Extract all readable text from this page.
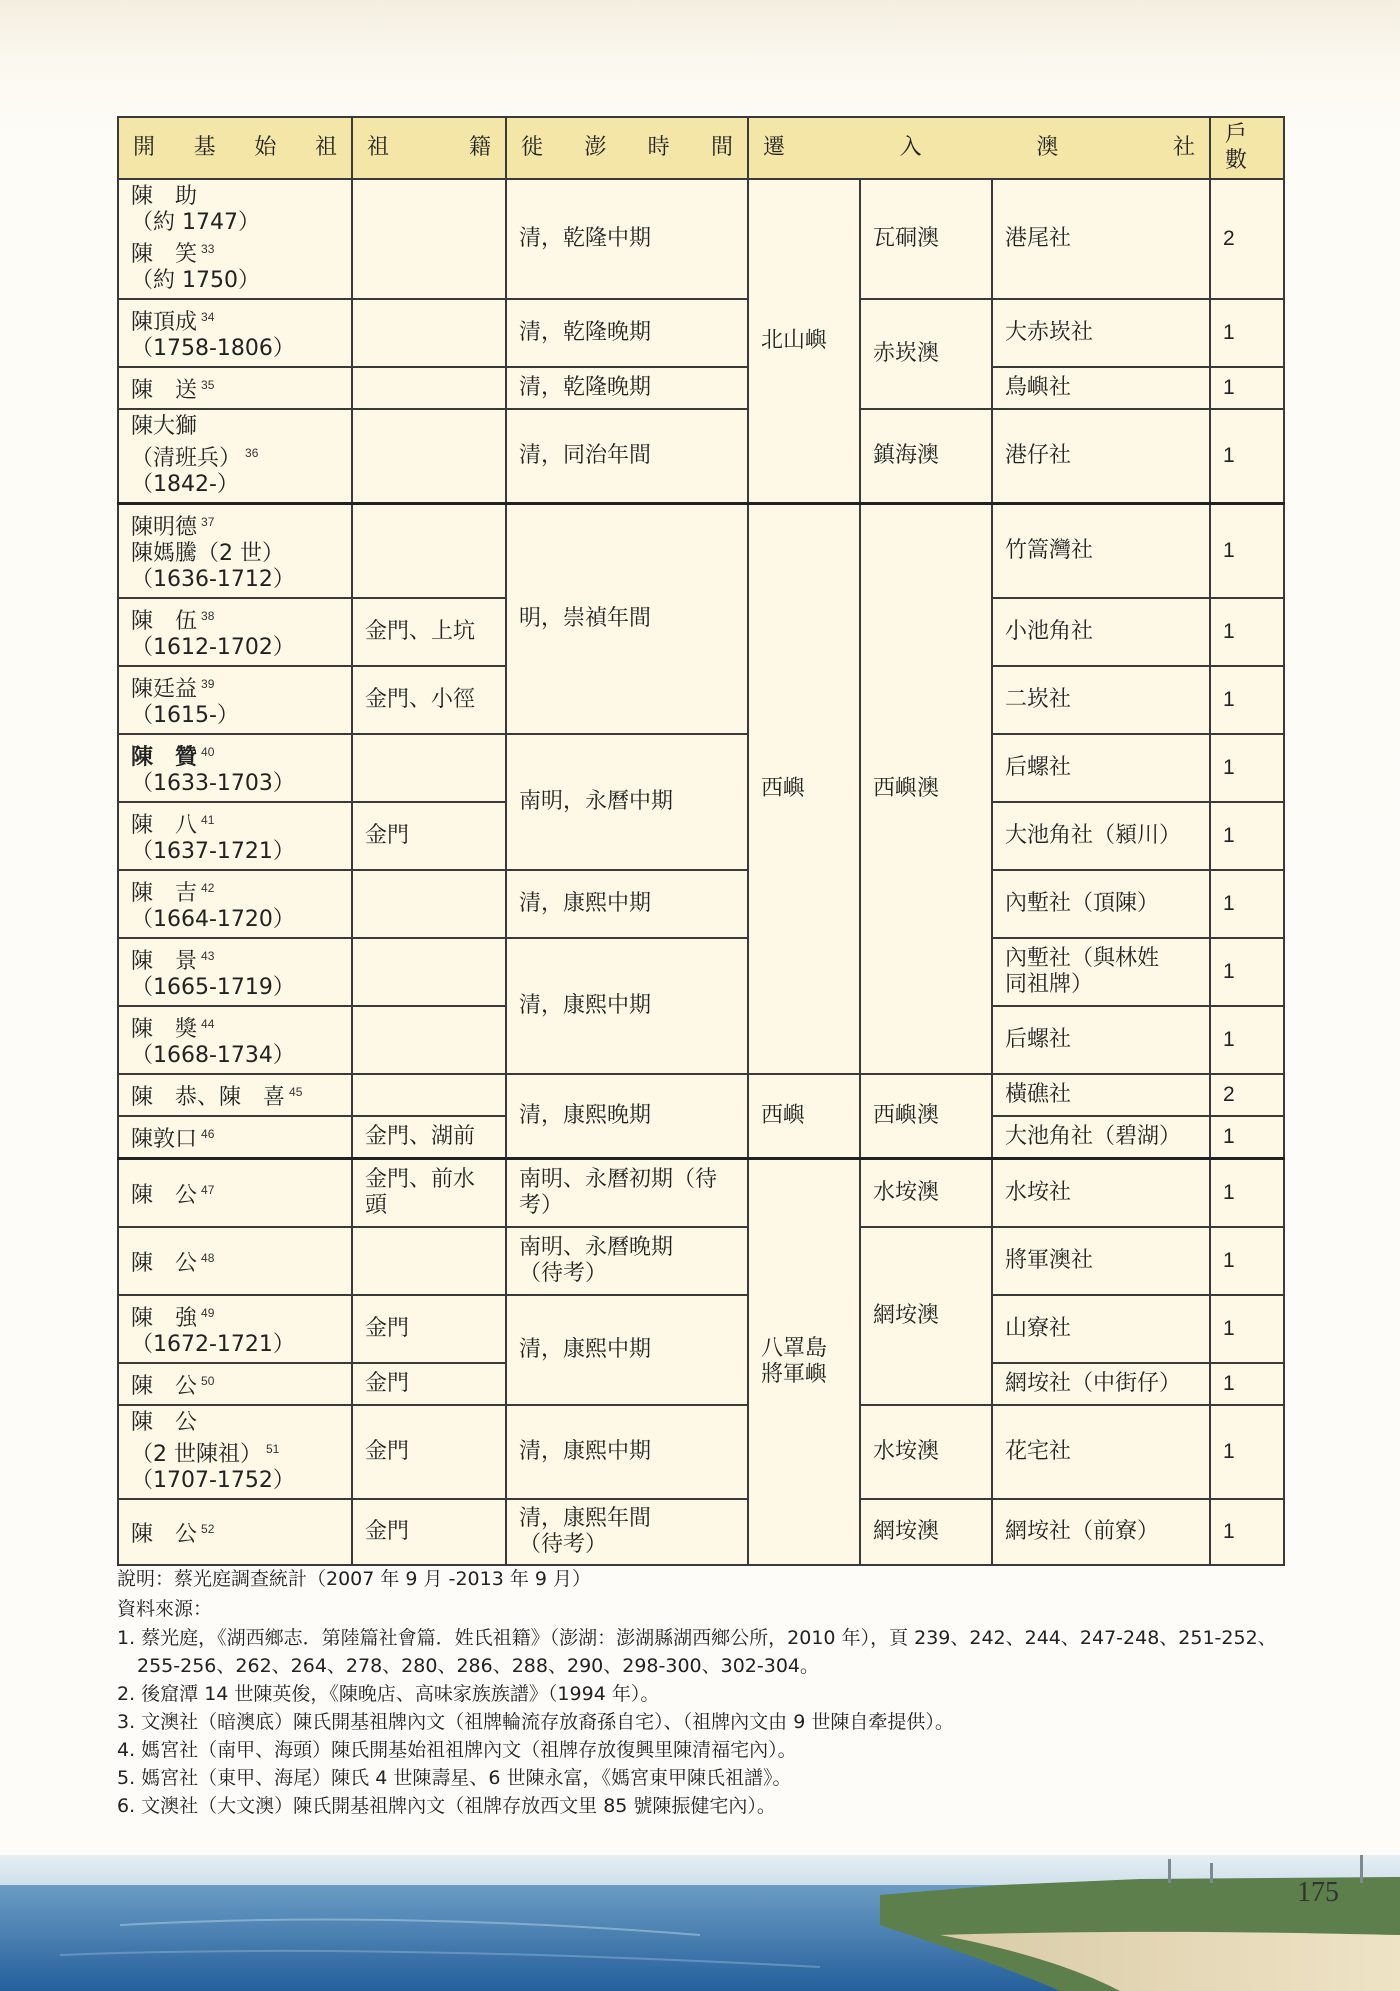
開 基 始 祖	祖 籍	徙 澎 時 間	遷 入 澳 社			戶
數
陳　助
（約 1747）
陳　笑 $^{33}$
（約 1750）		清，乾隆中期	北山嶼	瓦硐澳	港尾社	2
陳頂成 $^{34}$
（1758-1806）		清，乾隆晚期		赤崁澳	大赤崁社	1
陳　送 $^{35}$		清，乾隆晚期			鳥嶼社	1
陳大獅
（清班兵） $^{36}$
（1842-）		清，同治年間		鎮海澳	港仔社	1
陳明德 $^{37}$
陳媽騰（2 世）
（1636-1712）		明，崇禎年間	西嶼	西嶼澳	竹篙灣社	1
陳　伍 $^{38}$
（1612-1702）	金門、上坑				小池角社	1
陳廷益 $^{39}$
（1615-）	金門、小徑				二崁社	1
陳　贊 $^{40}$
（1633-1703）		南明，永曆中期			后螺社	1
陳　八 $^{41}$
（1637-1721）	金門				大池角社（潁川）	1
陳　吉 $^{42}$
（1664-1720）		清，康熙中期			內塹社（頂陳）	1
陳　景 $^{43}$
（1665-1719）		清，康熙中期			內塹社（與林姓
同祖牌）	1
陳　獎 $^{44}$
（1668-1734）					后螺社	1
陳　恭、陳　喜 $^{45}$		清，康熙晚期	西嶼	西嶼澳	橫礁社	2
陳敦口 $^{46}$	金門、湖前				大池角社（碧湖）	1
陳　公 $^{47}$	金門、前水
頭	南明、永曆初期（待
考）	八罩島
將軍嶼	水垵澳	水垵社	1
陳　公 $^{48}$		南明、永曆晚期
（待考）		網垵澳	將軍澳社	1
陳　強 $^{49}$
（1672-1721）	金門	清，康熙中期			山寮社	1
陳　公 $^{50}$	金門				網垵社（中街仔）	1
陳　公
（2 世陳祖） $^{51}$
（1707-1752）	金門	清，康熙中期		水垵澳	花宅社	1
陳　公 $^{52}$	金門	清，康熙年間
（待考）		網垵澳	網垵社（前寮）	1

說明：蔡光庭調查統計（2007 年 9 月 -2013 年 9 月）

資料來源：

1. 蔡光庭，《湖西鄉志．第陸篇社會篇．姓氏祖籍》（澎湖：澎湖縣湖西鄉公所，2010 年），頁 239、242、244、247-248、251-252、255-256、262、264、278、280、286、288、290、298-300、302-304。

2. 後窟潭 14 世陳英俊，《陳晚店、高味家族族譜》（1994 年）。

3. 文澳社（暗澳底）陳氏開基祖牌內文（祖牌輪流存放裔孫自宅）、（祖牌內文由 9 世陳自牽提供）。

4. 媽宮社（南甲、海頭）陳氏開基始祖祖牌內文（祖牌存放復興里陳清福宅內）。

5. 媽宮社（東甲、海尾）陳氏 4 世陳壽星、6 世陳永富，《媽宮東甲陳氏祖譜》。

6. 文澳社（大文澳）陳氏開基祖牌內文（祖牌存放西文里 85 號陳振健宅內）。

175
